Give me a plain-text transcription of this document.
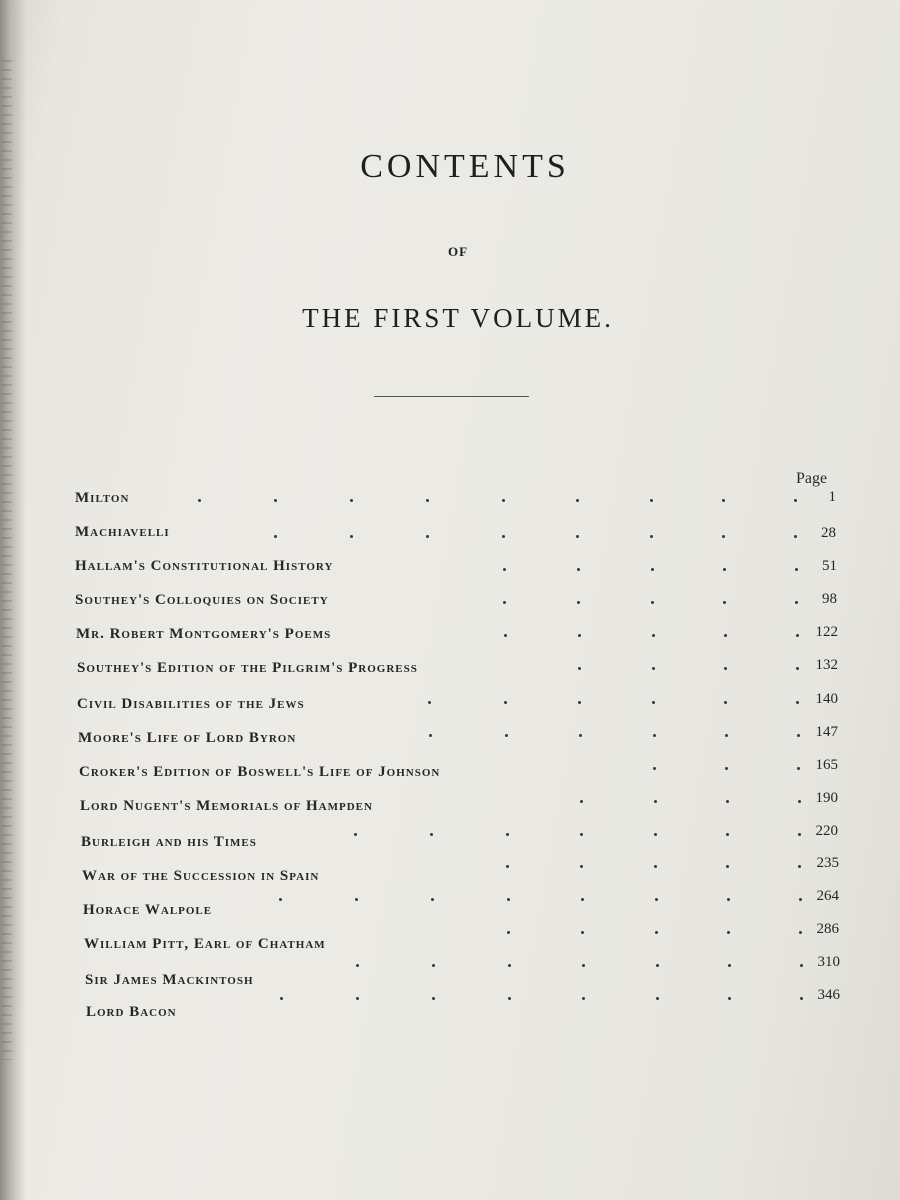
CONTENTS
OF
THE FIRST VOLUME.
Page
Milton
Machiavelli
Hallam's Constitutional History
Southey's Colloquies on Society
Mr. Robert Montgomery's Poems
Southey's Edition of the Pilgrim's Progress
Civil Disabilities of the Jews
Moore's Life of Lord Byron
Croker's Edition of Boswell's Life of Johnson
Lord Nugent's Memorials of Hampden
Burleigh and his Times
War of the Succession in Spain
Horace Walpole
William Pitt, Earl of Chatham
Sir James Mackintosh
Lord Bacon
1
28
51
98
122
132
140
147
165
190
220
235
264
286
310
346
